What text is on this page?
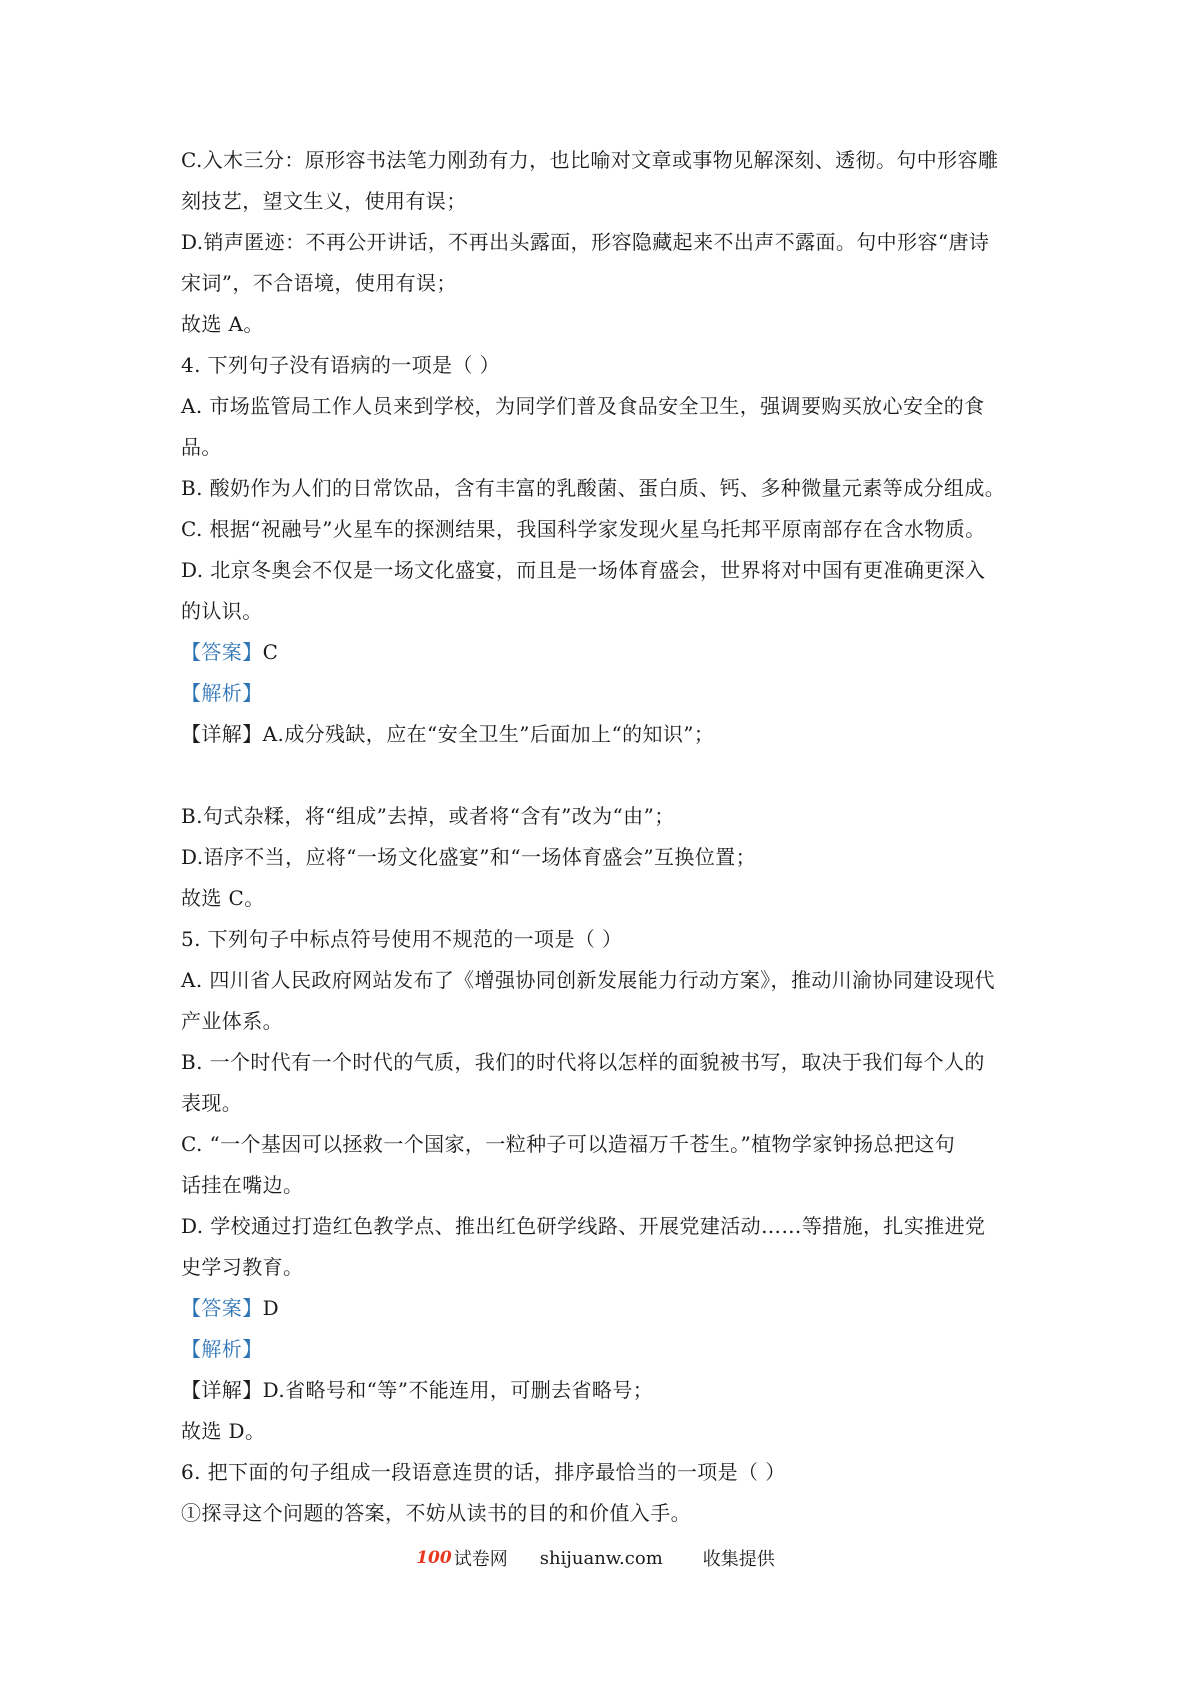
C.入木三分：原形容书法笔力刚劲有力，也比喻对文章或事物见解深刻、透彻。句中形容雕
刻技艺，望文生义，使用有误；
D.销声匿迹：不再公开讲话，不再出头露面，形容隐藏起来不出声不露面。句中形容“唐诗
宋词”，不合语境，使用有误；
故选 A。
4. 下列句子没有语病的一项是（ ）
A. 市场监管局工作人员来到学校，为同学们普及食品安全卫生，强调要购买放心安全的食
品。
B. 酸奶作为人们的日常饮品，含有丰富的乳酸菌、蛋白质、钙、多种微量元素等成分组成。
C. 根据“祝融号”火星车的探测结果，我国科学家发现火星乌托邦平原南部存在含水物质。
D. 北京冬奥会不仅是一场文化盛宴，而且是一场体育盛会，世界将对中国有更准确更深入
的认识。
【答案】C
【解析】
【详解】A.成分残缺，应在“安全卫生”后面加上“的知识”；
B.句式杂糅，将“组成”去掉，或者将“含有”改为“由”；
D.语序不当，应将“一场文化盛宴”和“一场体育盛会”互换位置；
故选 C。
5. 下列句子中标点符号使用不规范的一项是（ ）
A. 四川省人民政府网站发布了《增强协同创新发展能力行动方案》，推动川渝协同建设现代
产业体系。
B. 一个时代有一个时代的气质，我们的时代将以怎样的面貌被书写，取决于我们每个人的
表现。
C. “一个基因可以拯救一个国家，一粒种子可以造福万千苍生。”植物学家钟扬总把这句
话挂在嘴边。
D. 学校通过打造红色教学点、推出红色研学线路、开展党建活动……等措施，扎实推进党
史学习教育。
【答案】D
【解析】
【详解】D.省略号和“等”不能连用，可删去省略号；
故选 D。
6. 把下面的句子组成一段语意连贯的话，排序最恰当的一项是（ ）
①探寻这个问题的答案，不妨从读书的目的和价值入手。
100 试卷网 shijuanw.com 收集提供
